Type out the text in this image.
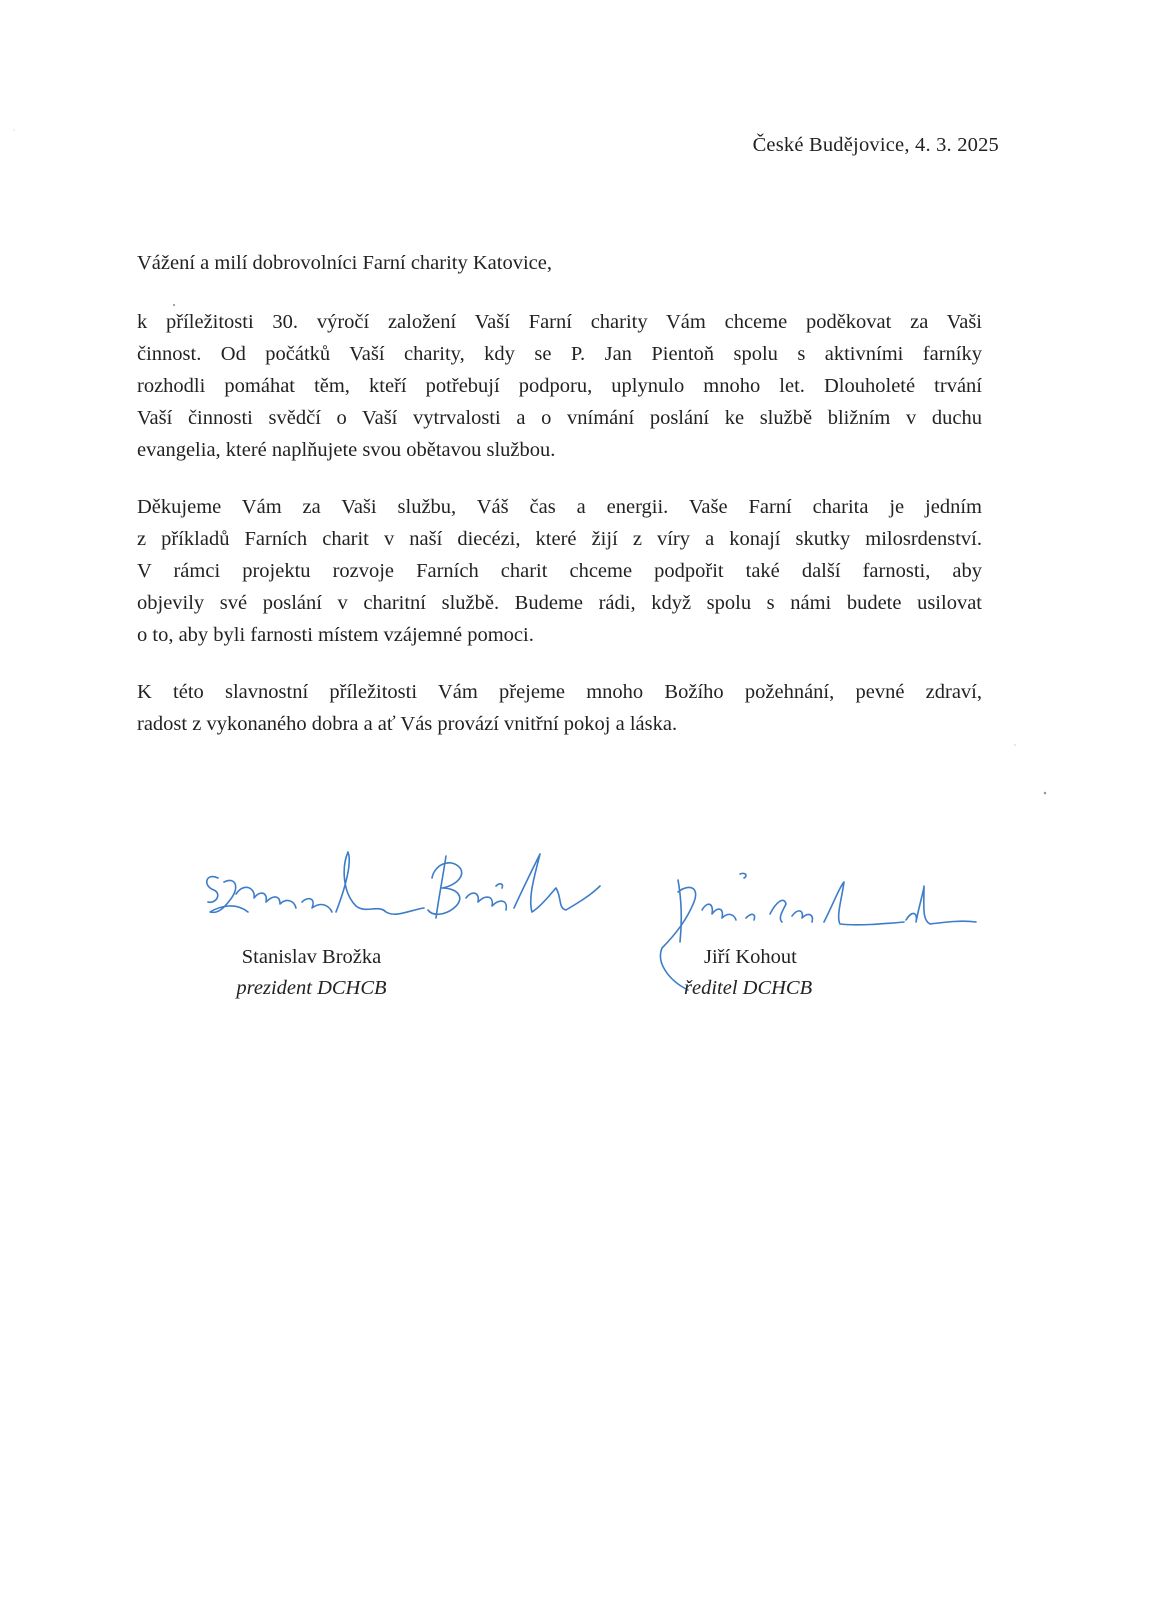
České Budějovice, 4. 3. 2025
Vážení a milí dobrovolníci Farní charity Katovice,

k příležitosti 30. výročí založení Vaší Farní charity Vám chceme poděkovat za Vaši
činnost. Od počátků Vaší charity, kdy se P. Jan Pientoň spolu s aktivními farníky
rozhodli pomáhat těm, kteří potřebují podporu, uplynulo mnoho let. Dlouholeté trvání
Vaší činnosti svědčí o Vaší vytrvalosti a o vnímání poslání ke službě bližním v duchu
evangelia, které naplňujete svou obětavou službou.

Děkujeme Vám za Vaši službu, Váš čas a energii. Vaše Farní charita je jedním
z příkladů Farních charit v naší diecézi, které žijí z víry a konají skutky milosrdenství.
V rámci projektu rozvoje Farních charit chceme podpořit také další farnosti, aby
objevily své poslání v charitní službě. Budeme rádi, když spolu s námi budete usilovat
o to, aby byli farnosti místem vzájemné pomoci.

K této slavnostní příležitosti Vám přejeme mnoho Božího požehnání, pevné zdraví,
radost z vykonaného dobra a ať Vás provází vnitřní pokoj a láska.

Stanislav Brožka
prezident DCHCB
Jiří Kohout
ředitel DCHCB
